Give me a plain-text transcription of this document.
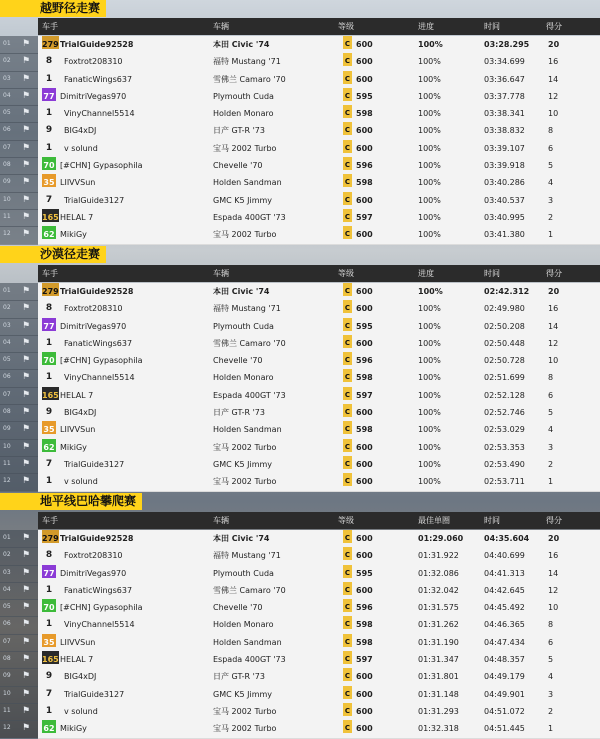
越野径走赛
车手	车辆	等级	进度	时间	得分
01 ⚑ 279 TrialGuide92528	本田 Civic '74	C 600	100%	03:28.295 20
02 ⚑	8	Foxtrot208310	福特 Mustang '71	C 600	100%	03:34.699	16
03 ⚑	1	FanaticWings637	雪佛兰 Camaro '70	C 600	100%	03:36.647	14
04 ⚑ 77 DimitriVegas970	Plymouth Cuda	C 595	100%	03:37.778	12
05 ⚑	1	VinyChannel5514	Holden Monaro	C 598	100%	03:38.341	10
06 ⚑	9	BIG4xDJ	日产 GT-R '73	C 600	100%	03:38.832	8
07 ⚑	1	v solund	宝马 2002 Turbo	C 600	100%	03:39.107	6
08 ⚑ 70 [#CHN] Gypasophila	Chevelle '70	C 596	100%	03:39.918	5
09 ⚑ 35 LIIVVSun	Holden Sandman	C 598	100%	03:40.286	4
10 ⚑	7	TrialGuide3127	GMC K5 Jimmy	C 600	100%	03:40.537	3
11 ⚑ 165 HELAL 7	Espada 400GT '73	C 597	100%	03:40.995	2
12 ⚑ 62 MikiGy	宝马 2002 Turbo	C 600	100%	03:41.380	1
沙漠径走赛
车手	车辆	等级	进度	时间	得分
01 ⚑ 279 TrialGuide92528	本田 Civic '74	C 600	100%	02:42.312 20
02 ⚑	8	Foxtrot208310	福特 Mustang '71	C 600	100%	02:49.980	16
03 ⚑ 77 DimitriVegas970	Plymouth Cuda	C 595	100%	02:50.208	14
04 ⚑	1	FanaticWings637	雪佛兰 Camaro '70	C 600	100%	02:50.448	12
05 ⚑ 70 [#CHN] Gypasophila	Chevelle '70	C 596	100%	02:50.728	10
06 ⚑	1	VinyChannel5514	Holden Monaro	C 598	100%	02:51.699	8
07 ⚑ 165 HELAL 7	Espada 400GT '73	C 597	100%	02:52.128	6
08 ⚑	9	BIG4xDJ	日产 GT-R '73	C 600	100%	02:52.746	5
09 ⚑ 35 LIIVVSun	Holden Sandman	C 598	100%	02:53.029	4
10 ⚑ 62 MikiGy	宝马 2002 Turbo	C 600	100%	02:53.353	3
11 ⚑	7	TrialGuide3127	GMC K5 Jimmy	C 600	100%	02:53.490	2
12 ⚑	1	v solund	宝马 2002 Turbo	C 600	100%	02:53.711	1
地平线巴哈攀爬赛
车手	车辆	等级	最佳单圈	时间	得分
01 ⚑ 279 TrialGuide92528	本田 Civic '74	C 600	01:29.060	04:35.604 20
02 ⚑	8	Foxtrot208310	福特 Mustang '71	C 600	01:31.922	04:40.699	16
03 ⚑ 77 DimitriVegas970	Plymouth Cuda	C 595	01:32.086	04:41.313	14
04 ⚑	1	FanaticWings637	雪佛兰 Camaro '70	C 600	01:32.042	04:42.645	12
05 ⚑ 70 [#CHN] Gypasophila	Chevelle '70	C 596	01:31.575	04:45.492	10
06 ⚑	1	VinyChannel5514	Holden Monaro	C 598	01:31.262	04:46.365	8
07 ⚑ 35 LIIVVSun	Holden Sandman	C 598	01:31.190	04:47.434	6
08 ⚑ 165 HELAL 7	Espada 400GT '73	C 597	01:31.347	04:48.357	5
09 ⚑	9	BIG4xDJ	日产 GT-R '73	C 600	01:31.801	04:49.179	4
10 ⚑	7	TrialGuide3127	GMC K5 Jimmy	C 600	01:31.148	04:49.901	3
11 ⚑	1	v solund	宝马 2002 Turbo	C 600	01:31.293	04:51.072	2
12 ⚑ 62 MikiGy	宝马 2002 Turbo	C 600	01:32.318	04:51.445	1
